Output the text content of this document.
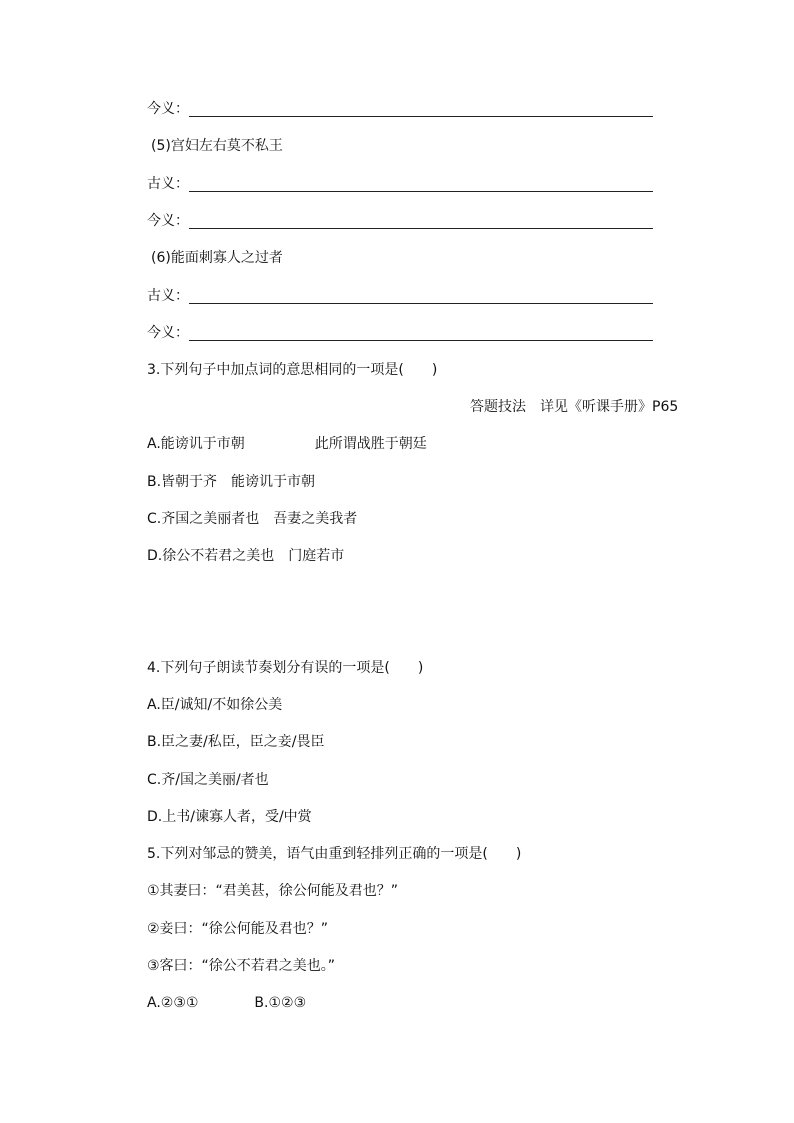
今义：
(5)宫妇左右莫不私王
古义：
今义：
(6)能面刺寡人之过者
古义：
今义：
3.下列句子中加点词的意思相同的一项是(　　)
答题技法　详见《听课手册》P65
A.能谤讥于市朝　　　　　此所谓战胜于朝廷
B.皆朝于齐　能谤讥于市朝
C.齐国之美丽者也　吾妻之美我者
D.徐公不若君之美也　门庭若市
4.下列句子朗读节奏划分有误的一项是(　　)
A.臣/诚知/不如徐公美
B.臣之妻/私臣，臣之妾/畏臣
C.齐/国之美丽/者也
D.上书/谏寡人者，受/中赏
5.下列对邹忌的赞美，语气由重到轻排列正确的一项是(　　)
①其妻曰：“君美甚，徐公何能及君也？”
②妾曰：“徐公何能及君也？”
③客曰：“徐公不若君之美也。”
A.②③①　　　　B.①②③
